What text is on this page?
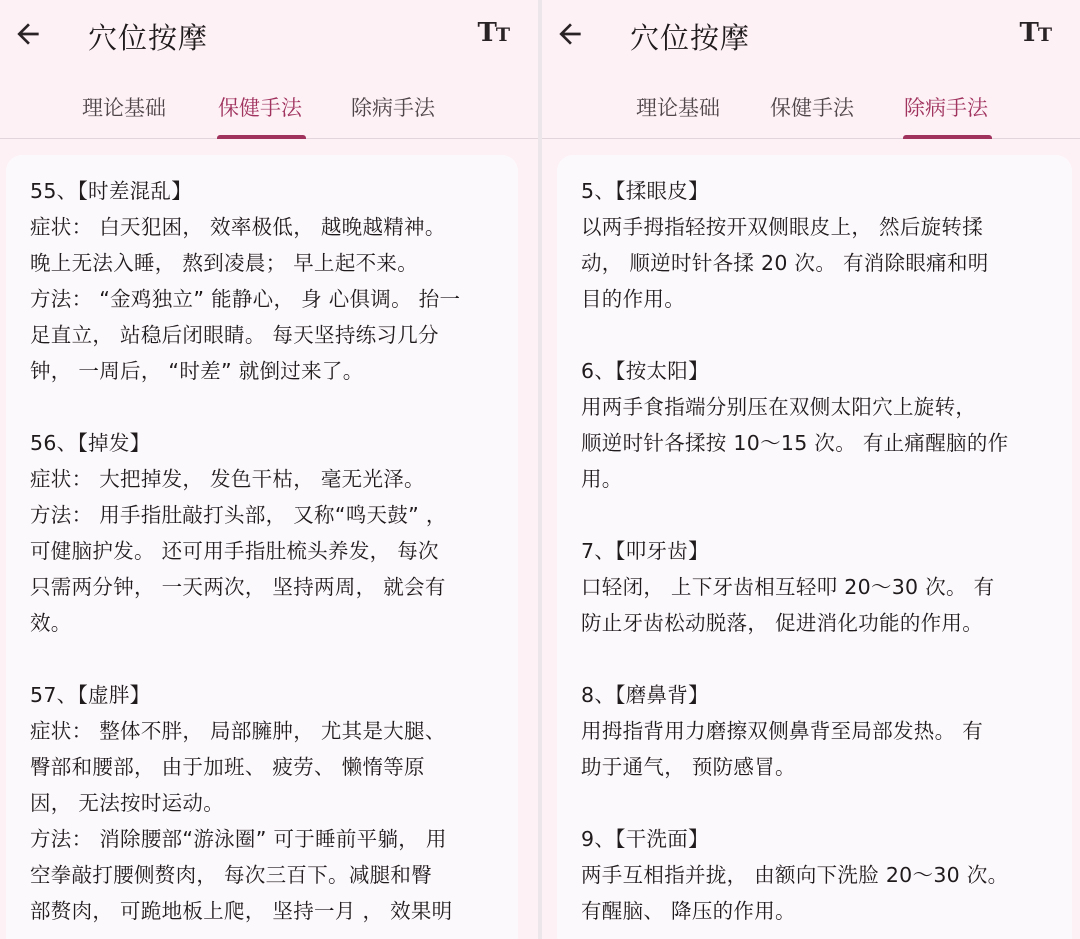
穴位按摩	TT
理论基础 保健手法 除病手法

55、【时差混乱】

症状： 白天犯困， 效率极低， 越晚越精神。

晚上无法入睡， 熬到凌晨； 早上起不来。

方法： “金鸡独立” 能静心， 身 心俱调。 抬一

足直立， 站稳后闭眼睛。 每天坚持练习几分

钟， 一周后， “时差” 就倒过来了。

56、【掉发】

症状： 大把掉发， 发色干枯， 毫无光泽。

方法： 用手指肚敲打头部， 又称“鸣天鼓” ，

可健脑护发。 还可用手指肚梳头养发， 每次

只需两分钟， 一天两次， 坚持两周， 就会有

效。

57、【虚胖】

症状： 整体不胖， 局部臃肿， 尤其是大腿、

臀部和腰部， 由于加班、 疲劳、 懒惰等原

因， 无法按时运动。

方法： 消除腰部“游泳圈” 可于睡前平躺， 用

空拳敲打腰侧赘肉， 每次三百下。减腿和臀

部赘肉， 可跪地板上爬， 坚持一月 ， 效果明

穴位按摩	TT
理论基础 保健手法 除病手法

5、【揉眼皮】

以两手拇指轻按开双侧眼皮上， 然后旋转揉

动， 顺逆时针各揉 20 次。 有消除眼痛和明

目的作用。

6、【按太阳】

用两手食指端分别压在双侧太阳穴上旋转，

顺逆时针各揉按 10～15 次。 有止痛醒脑的作

用。

7、【叩牙齿】

口轻闭， 上下牙齿相互轻叩 20～30 次。 有

防止牙齿松动脱落， 促进消化功能的作用。

8、【磨鼻背】

用拇指背用力磨擦双侧鼻背至局部发热。 有

助于通气， 预防感冒。

9、【干洗面】

两手互相指并拢， 由额向下洗脸 20～30 次。

有醒脑、 降压的作用。
